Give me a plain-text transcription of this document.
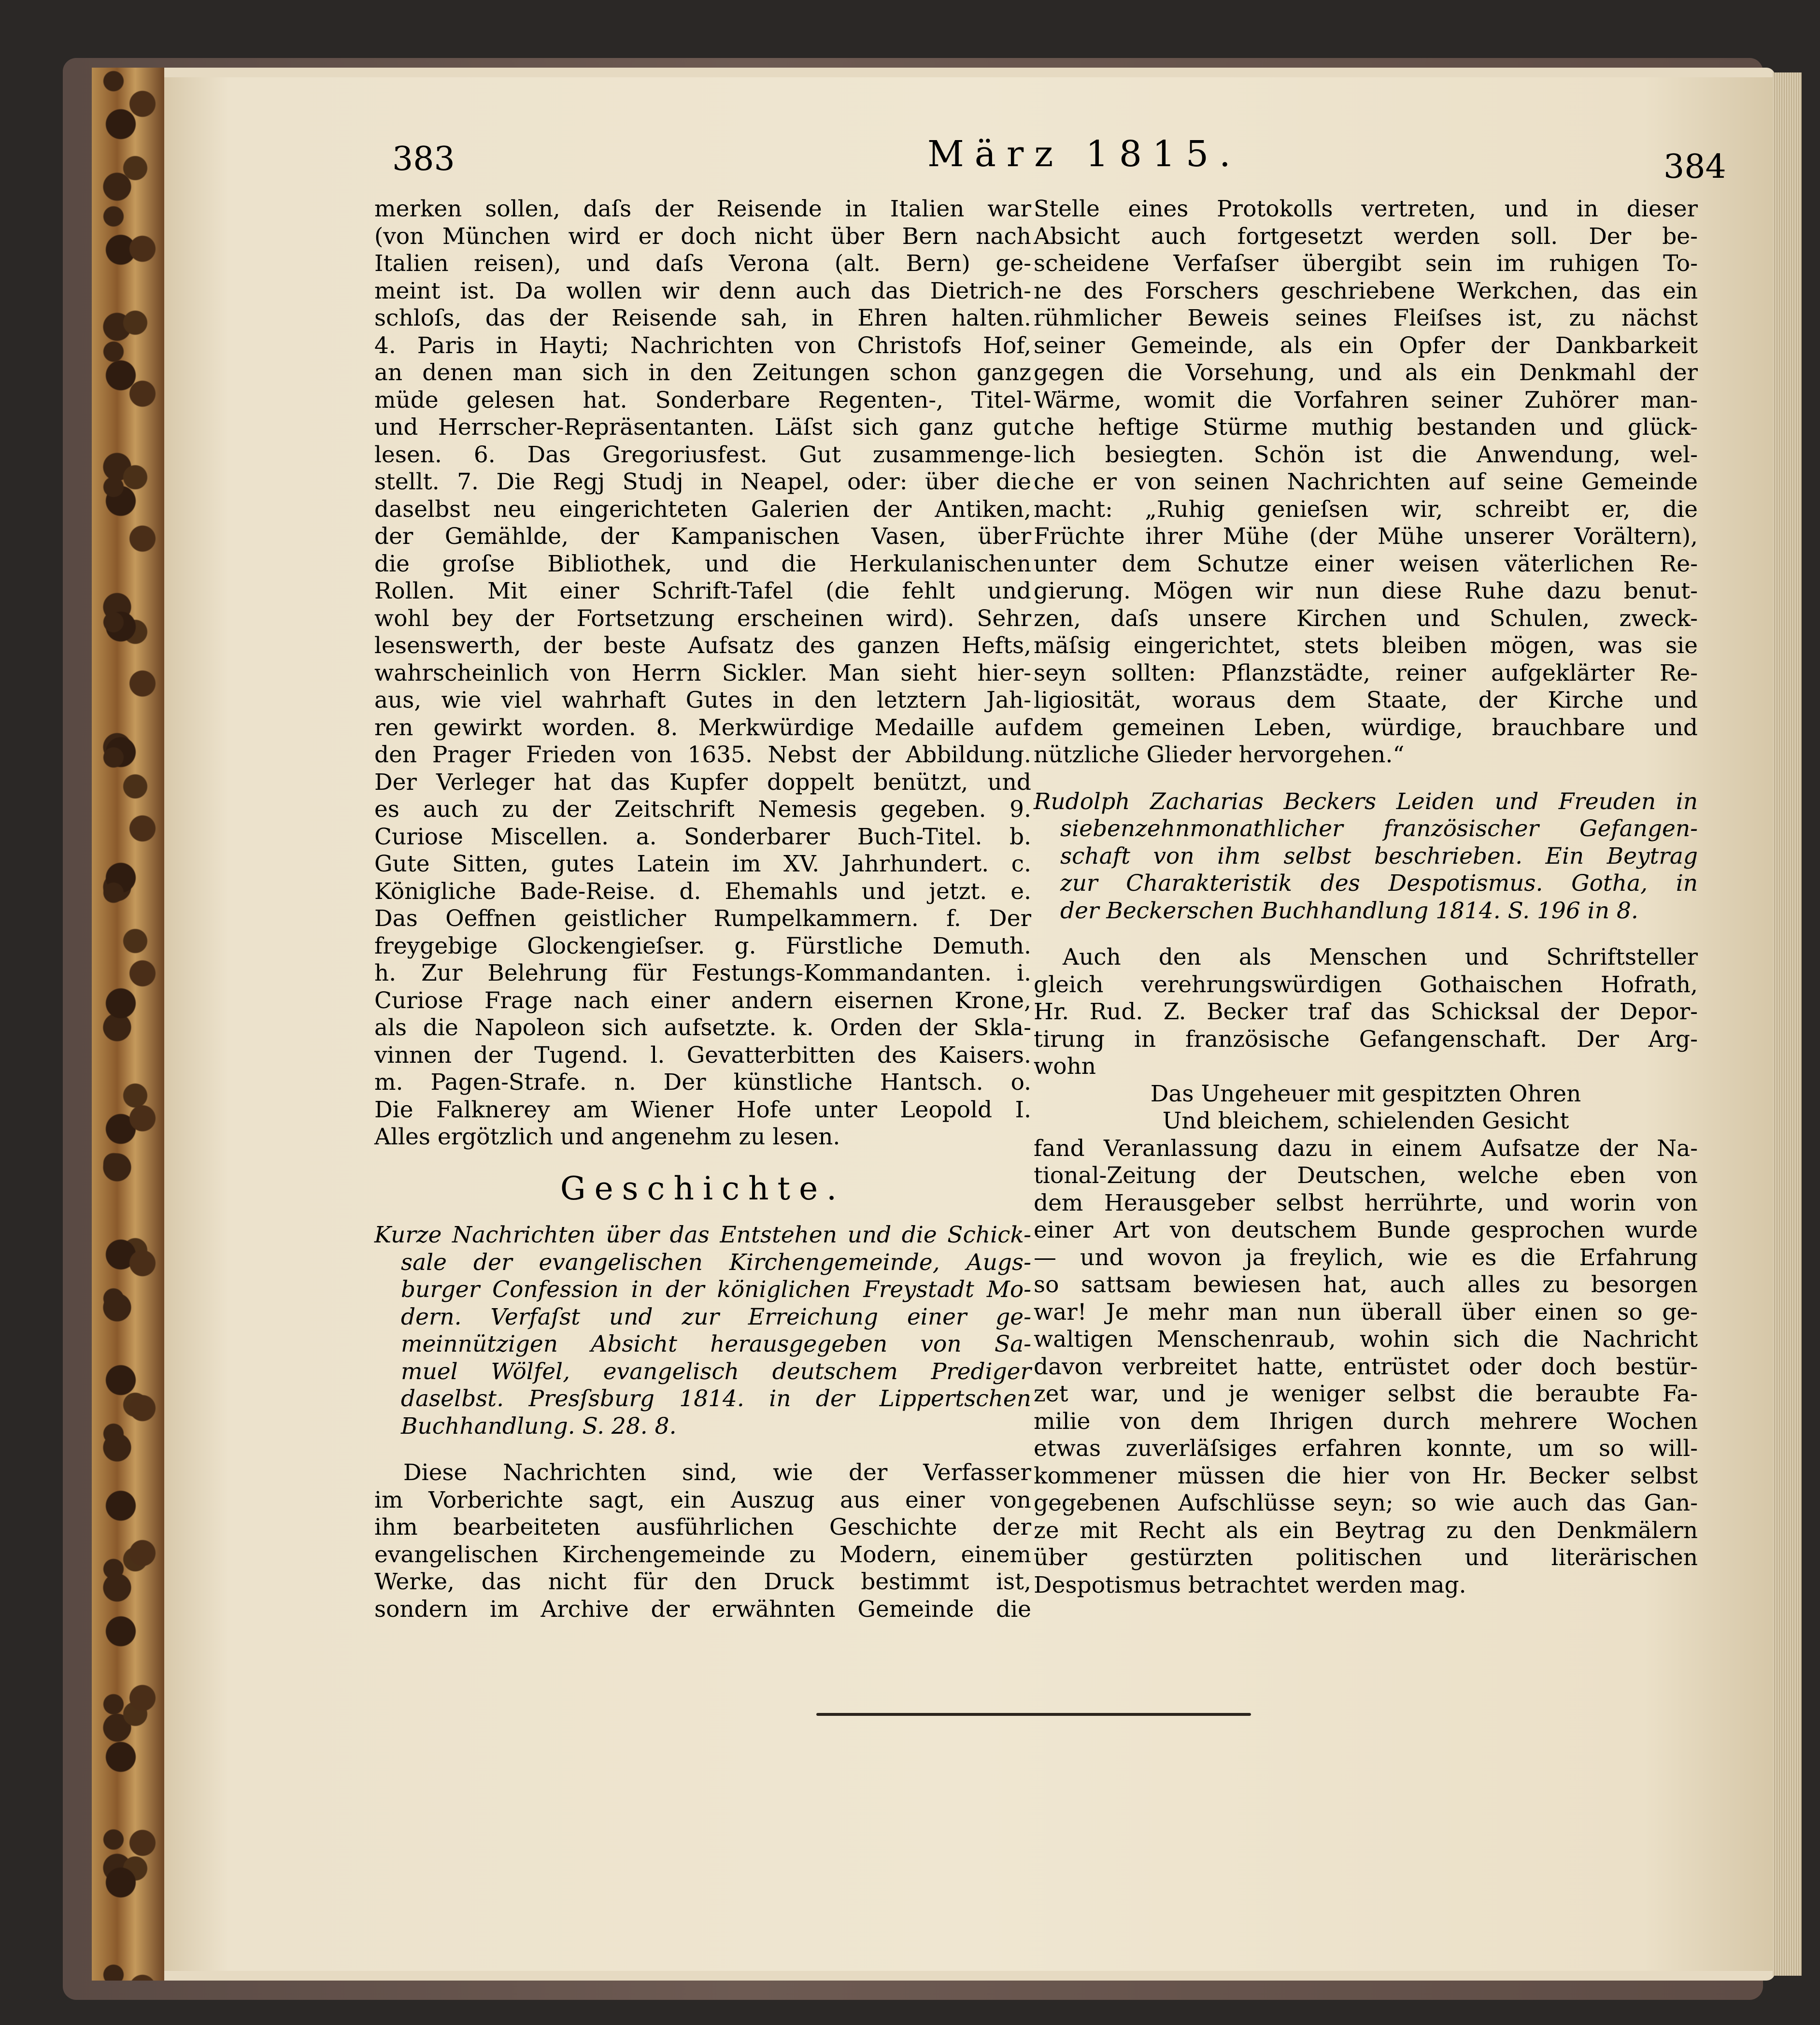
383	März 1815.	384
merken sollen, daſs der Reisende in Italien war
(von München wird er doch nicht über Bern nach
Italien reisen), und daſs Verona (alt. Bern) ge-
meint ist. Da wollen wir denn auch das Dietrich-
schloſs, das der Reisende sah, in Ehren halten.
4. Paris in Hayti; Nachrichten von Christofs Hof,
an denen man sich in den Zeitungen schon ganz
müde gelesen hat. Sonderbare Regenten-, Titel-
und Herrscher-Repräsentanten. Läſst sich ganz gut
lesen. 6. Das Gregoriusfest. Gut zusammenge-
stellt. 7. Die Regj Studj in Neapel, oder: über die
daselbst neu eingerichteten Galerien der Antiken,
der Gemählde, der Kampanischen Vasen, über
die groſse Bibliothek, und die Herkulanischen
Rollen. Mit einer Schrift-Tafel (die fehlt und
wohl bey der Fortsetzung erscheinen wird). Sehr
lesenswerth, der beste Aufsatz des ganzen Hefts,
wahrscheinlich von Herrn Sickler. Man sieht hier-
aus, wie viel wahrhaft Gutes in den letztern Jah-
ren gewirkt worden. 8. Merkwürdige Medaille auf
den Prager Frieden von 1635. Nebst der Abbildung.
Der Verleger hat das Kupfer doppelt benützt, und
es auch zu der Zeitschrift Nemesis gegeben. 9.
Curiose Miscellen. a. Sonderbarer Buch-Titel. b.
Gute Sitten, gutes Latein im XV. Jahrhundert. c.
Königliche Bade-Reise. d. Ehemahls und jetzt. e.
Das Oeffnen geistlicher Rumpelkammern. f. Der
freygebige Glockengieſser. g. Fürstliche Demuth.
h. Zur Belehrung für Festungs-Kommandanten. i.
Curiose Frage nach einer andern eisernen Krone,
als die Napoleon sich aufsetzte. k. Orden der Skla-
vinnen der Tugend. l. Gevatterbitten des Kaisers.
m. Pagen-Strafe. n. Der künstliche Hantsch. o.
Die Falknerey am Wiener Hofe unter Leopold I.
Alles ergötzlich und angenehm zu lesen.
Geschichte.
Kurze Nachrichten über das Entstehen und die Schick-
sale der evangelischen Kirchengemeinde, Augs-
burger Confession in der königlichen Freystadt Mo-
dern. Verfaſst und zur Erreichung einer ge-
meinnützigen Absicht herausgegeben von Sa-
muel Wölfel, evangelisch deutschem Prediger
daselbst. Presſsburg 1814. in der Lippertschen
Buchhandlung. S. 28. 8.
Diese Nachrichten sind, wie der Verfasser
im Vorberichte sagt, ein Auszug aus einer von
ihm bearbeiteten ausführlichen Geschichte der
evangelischen Kirchengemeinde zu Modern, einem
Werke, das nicht für den Druck bestimmt ist,
sondern im Archive der erwähnten Gemeinde die
Stelle eines Protokolls vertreten, und in dieser
Absicht auch fortgesetzt werden soll. Der be-
scheidene Verfaſser übergibt sein im ruhigen To-
ne des Forschers geschriebene Werkchen, das ein
rühmlicher Beweis seines Fleiſses ist, zu nächst
seiner Gemeinde, als ein Opfer der Dankbarkeit
gegen die Vorsehung, und als ein Denkmahl der
Wärme, womit die Vorfahren seiner Zuhörer man-
che heftige Stürme muthig bestanden und glück-
lich besiegten. Schön ist die Anwendung, wel-
che er von seinen Nachrichten auf seine Gemeinde
macht: „Ruhig genieſsen wir, schreibt er, die
Früchte ihrer Mühe (der Mühe unserer Vorältern),
unter dem Schutze einer weisen väterlichen Re-
gierung. Mögen wir nun diese Ruhe dazu benut-
zen, daſs unsere Kirchen und Schulen, zweck-
mäſsig eingerichtet, stets bleiben mögen, was sie
seyn sollten: Pflanzstädte, reiner aufgeklärter Re-
ligiosität, woraus dem Staate, der Kirche und
dem gemeinen Leben, würdige, brauchbare und
nützliche Glieder hervorgehen.“
Rudolph Zacharias Beckers Leiden und Freuden in
siebenzehnmonathlicher französischer Gefangen-
schaft von ihm selbst beschrieben. Ein Beytrag
zur Charakteristik des Despotismus. Gotha, in
der Beckerschen Buchhandlung 1814. S. 196 in 8.
Auch den als Menschen und Schriftsteller
gleich verehrungswürdigen Gothaischen Hofrath,
Hr. Rud. Z. Becker traf das Schicksal der Depor-
tirung in französische Gefangenschaft. Der Arg-
wohn
Das Ungeheuer mit gespitzten Ohren
Und bleichem, schielenden Gesicht
fand Veranlassung dazu in einem Aufsatze der Na-
tional-Zeitung der Deutschen, welche eben von
dem Herausgeber selbst herrührte, und worin von
einer Art von deutschem Bunde gesprochen wurde
— und wovon ja freylich, wie es die Erfahrung
so sattsam bewiesen hat, auch alles zu besorgen
war! Je mehr man nun überall über einen so ge-
waltigen Menschenraub, wohin sich die Nachricht
davon verbreitet hatte, entrüstet oder doch bestür-
zet war, und je weniger selbst die beraubte Fa-
milie von dem Ihrigen durch mehrere Wochen
etwas zuverläſsiges erfahren konnte, um so will-
kommener müssen die hier von Hr. Becker selbst
gegebenen Aufschlüsse seyn; so wie auch das Gan-
ze mit Recht als ein Beytrag zu den Denkmälern
über gestürzten politischen und literärischen
Despotismus betrachtet werden mag.
